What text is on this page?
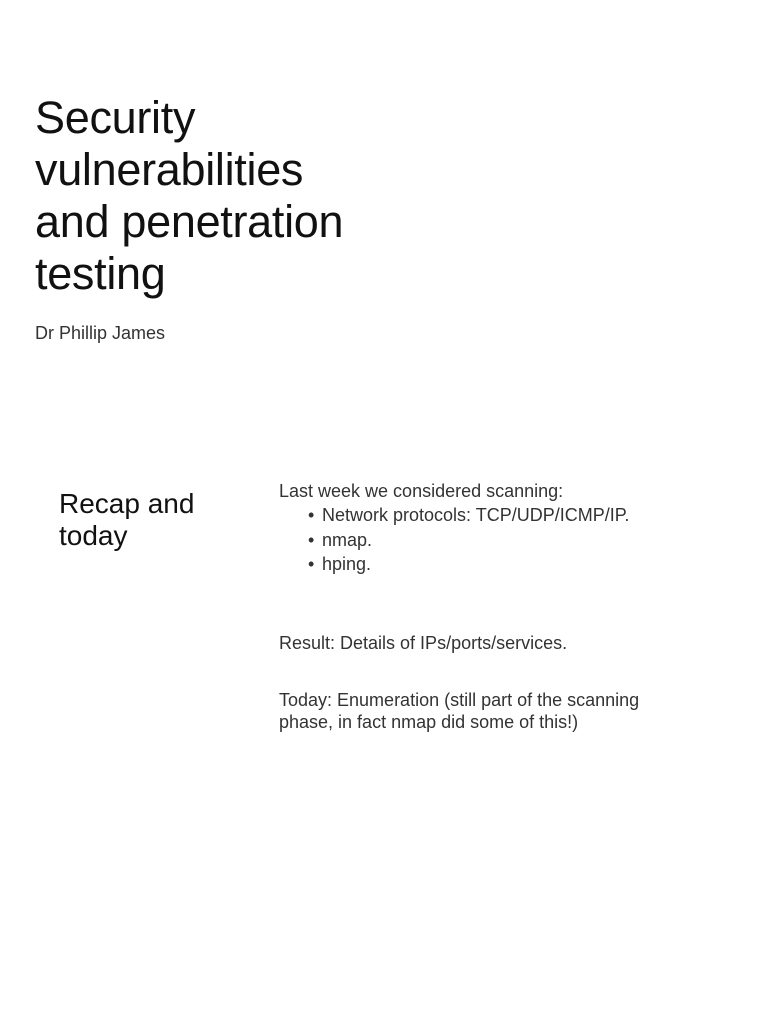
Security
vulnerabilities
and penetration
testing
Dr Phillip James
Recap and
today

Last week we considered scanning:

• Network protocols: TCP/UDP/ICMP/IP.
• nmap.
• hping.

Result: Details of IPs/ports/services.

Today: Enumeration (still part of the scanning phase, in fact nmap did some of this!)
